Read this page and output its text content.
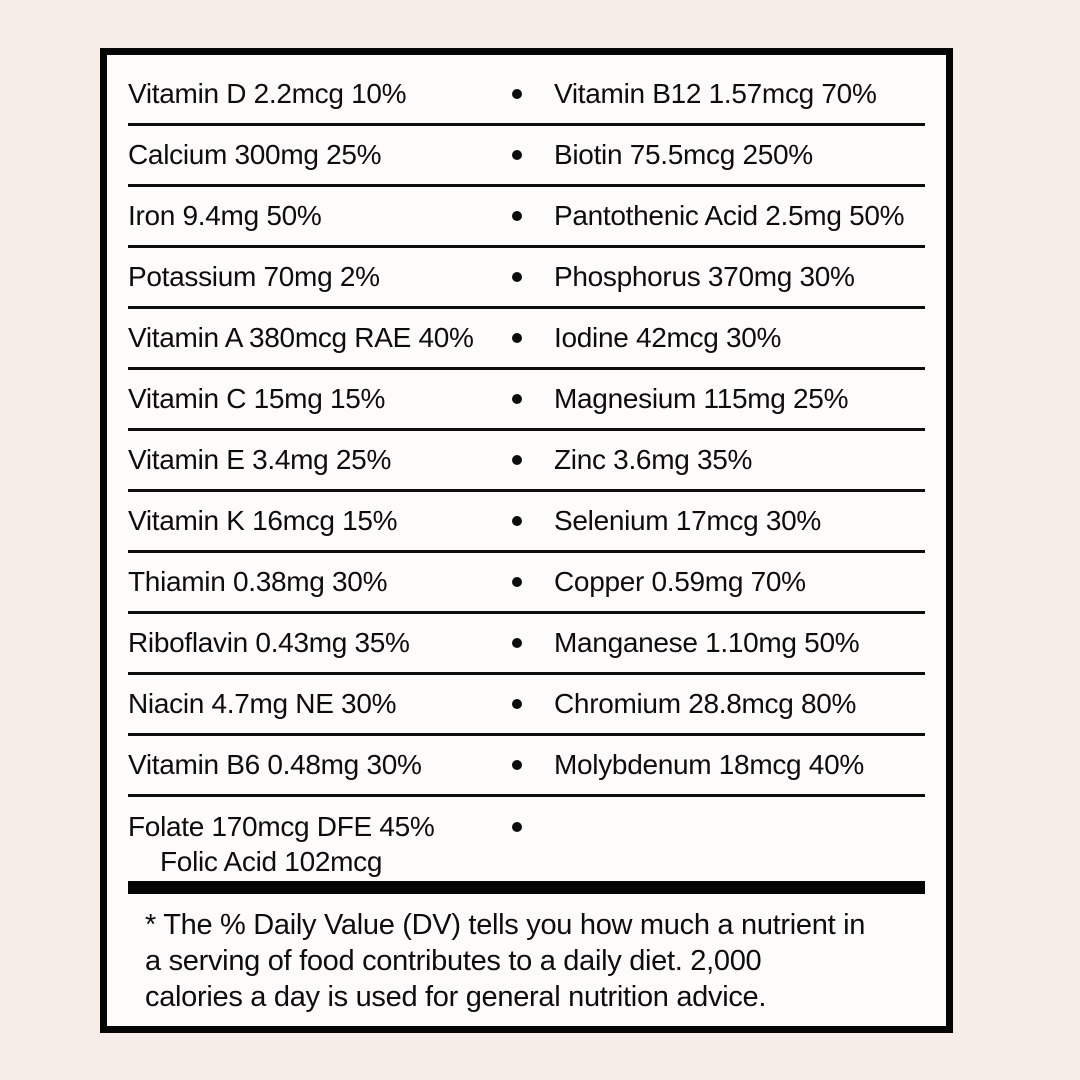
Vitamin D 2.2mcg 10%	Vitamin B12 1.57mcg 70%
Calcium 300mg 25%	Biotin 75.5mcg 250%
Iron 9.4mg 50%	Pantothenic Acid 2.5mg 50%
Potassium 70mg 2%	Phosphorus 370mg 30%
Vitamin A 380mcg RAE 40%	Iodine 42mcg 30%
Vitamin C 15mg 15%	Magnesium 115mg 25%
Vitamin E 3.4mg 25%	Zinc 3.6mg 35%
Vitamin K 16mcg 15%	Selenium 17mcg 30%
Thiamin 0.38mg 30%	Copper 0.59mg 70%
Riboflavin 0.43mg 35%	Manganese 1.10mg 50%
Niacin 4.7mg NE 30%	Chromium 28.8mcg 80%
Vitamin B6 0.48mg 30%	Molybdenum 18mcg 40%
Folate 170mcg DFE 45%
Folic Acid 102mcg
* The % Daily Value (DV) tells you how much a nutrient in
a serving of food contributes to a daily diet. 2,000
calories a day is used for general nutrition advice.
